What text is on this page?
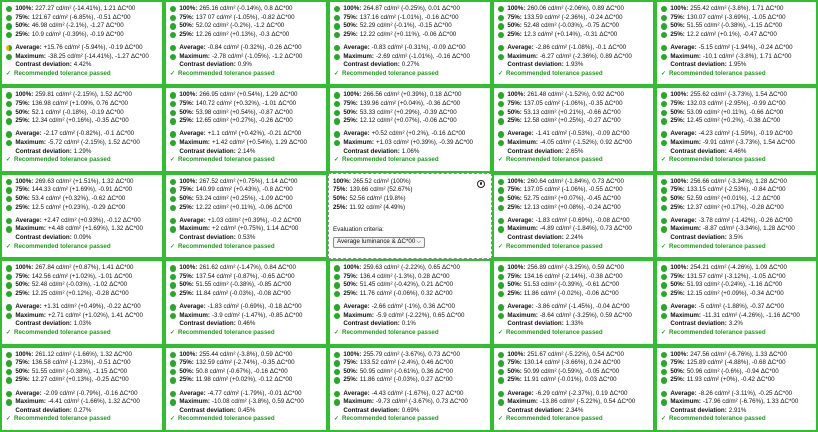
100%: 227.27 cd/m² (-14.41%), 1.21 ΔC*00
75%: 121.67 cd/m² (-6.85%), -0.51 ΔC*00
50%: 46.98 cd/m² (-2.1%), -1.27 ΔC*00
25%: 10.9 cd/m² (-0.39%), -0.19 ΔC*00
Average: +15.76 cd/m² (-5.94%), -0.19 ΔC*00
Maximum: -38.25 cd/m² (-14.41%), -1.27 ΔC*00
Contrast deviation: 4.42%
✓ Recommended tolerance passed
100%: 265.16 cd/m² (-0.14%), 0.8 ΔC*00
75%: 137 07 cd/m² (-1.05%), -0.82 ΔC*00
50%: 52.02 cd/m² (-0.2%), -1.2 ΔC*00
25%: 12.26 cd/m² (+0.13%), -0.3 ΔC*00
Average: -0.84 cd/m² (-0.32%), -0.26 ΔC*00
Maximum: -2.78 cd/m² (-1.05%), -1.2 ΔC*00
Contrast deviation: 0.9%
✓ Recommended tolerance passed
100%: 264.87 cd/m² (-0.25%), 0.01 ΔC*00
75%: 137.16 cd/m² (-1.01%), -0.16 ΔC*00
50%: 52.29 cd/m² (-0.1%), -0.15 ΔC*00
25%: 12.22 cd/m² (+0.11%), -0.06 ΔC*00
Average: -0.83 cd/m² (-0.31%), -0.09 ΔC*00
Maximum: -2.69 cd/m² (-1.01%), -0.16 ΔC*00
Contrast deviation: 0.27%
✓ Recommended tolerance passed
100%: 260.06 cd/m² (-2.06%), 0.89 ΔC*00
75%: 133.59 cd/m² (-2.36%), -0.24 ΔC*00
50%: 52.48 cd/m² (-0.03%), -0.75 ΔC*00
25%: 12.3 cd/m² (+0.14%), -0.31 ΔC*00
Average: -2.86 cd/m² (-1.08%), -0.1 ΔC*00
Maximum: -6.27 cd/m² (-2.36%), 0.89 ΔC*00
Contrast deviation: 1.93%
✓ Recommended tolerance passed
100%: 255.42 cd/m² (-3.8%), 1.71 ΔC*00
75%: 130.07 cd/m² (-3.69%), -1.05 ΔC*00
50%: 51.55 cd/m² (-0.38%), -1.15 ΔC*00
25%: 12.2 cd/m² (+0.1%), -0.47 ΔC*00
Average: -5.15 cd/m² (-1.94%), -0.24 ΔC*00
Maximum: -10.1 cd/m² (-3.8%), 1.71 ΔC*00
Contrast deviation: 1.95%
✓ Recommended tolerance passed
100%: 259.81 cd/m² (-2.15%), 1.52 ΔC*00
75%: 136.98 cd/m² (+1.09%, 0.76 ΔC*00
50%: 52.1 cd/m² (-0.18%), -0.19 ΔC*00
25%: 12.34 cd/m² (+0.16%), -0.35 ΔC*00
Average: -2.17 cd/m² (-0.82%), -0.1 ΔC*00
Maximum: -5.72 cd/m² (-2.15%), 1.52 ΔC*00
Contrast deviation: 1.29%
✓ Recommended tolerance passed
100%: 266.95 cd/m² (+0.54%), 1.29 ΔC*00
75%: 140.72 cd/m² (+0.32%), -1.01 ΔC*00
50%: 53.98 cd/m² (+0.54%), -0.87 ΔC*00
25%: 12.65 cd/m² (+0.27%), -0.26 ΔC*00
Average: +1.1 cd/m² (+0.42%), -0.21 ΔC*00
Maximum: +1.42 cd/m² (+0.54%), 1.29 ΔC*00
Contrast deviation: 2.14%
✓ Recommended tolerance passed
100%: 266.56 cd/m² (+0.39%), 0.18 ΔC*00
75%: 139.96 cd/m² (+0.04%), -0.36 ΔC*00
50%: 53.33 cd/m² (+0.29%), -0.39 ΔC*00
25%: 12.12 cd/m² (+0.07%), -0.06 ΔC*00
Average: +0.52 cd/m² (+0.2%), -0.16 ΔC*00
Maximum: +1.03 cd/m² (+0.39%), -0.39 ΔC*00
Contrast deviation: 1.06%
✓ Recommended tolerance passed
100%: 261.48 cd/m² (-1.52%), 0.92 ΔC*00
75%: 137.05 cd/m² (-1.06%), -0.35 ΔC*00
50%: 53.13 cd/m² (+0.21%), -0.66 ΔC*00
25%: 12.58 cd/m² (+0.25%), -0.27 ΔC*00
Average: -1.41 cd/m² (-0.53%), -0.09 ΔC*00
Maximum: -4.05 cd/m² (-1.52%), 0.92 ΔC*00
Contrast deviation: 2.65%
✓ Recommended tolerance passed
100%: 255.62 cd/m² (-3.73%), 1.54 ΔC*00
75%: 132.03 cd/m² (-2.95%), -0.99 ΔC*00
50%: 53.09 cd/m² (+0.11%), -0.66 ΔC*00
25%: 12.45 cd/m² (+0.2%), -0.38 ΔC*00
Average: -4.23 cd/m² (-1.59%), -0.19 ΔC*00
Maximum: -9.91 cd/m² (-3.73%), 1.54 ΔC*00
Contrast deviation: 4.46%
✓ Recommended tolerance passed
100%: 269.63 cd/m² (+1.51%), 1.32 ΔC*00
75%: 144.33 cd/m² (+1.69%), -0.91 ΔC*00
50%: 53.4 cd/m² (+0.32%), -0.62 ΔC*00
25%: 12.5 cd/m² (+0.23%), -0.29 ΔC*00
Average: +2.47 cd/m² (+0.93%), -0.12 ΔC*00
Maximum: +4.48 cd/m² (+1.69%), 1.32 ΔC*00
Contrast deviation: 0.09%
✓ Recommended tolerance passed
100%: 267.52 cd/m² (+0.75%), 1.14 ΔC*00
75%: 140.99 cd/m² (+0.43%), -0.8 ΔC*00
50%: 53.24 cd/m² (+0.25%), -1.09 ΔC*00
25%: 12.22 cd/m² (+0.11%), -0.06 ΔC*00
Average: +1.03 cd/m² (+0.39%), -0.2 ΔC*00
Maximum: +2 cd/m² (+0.75%), 1.14 ΔC*00
Contrast deviation: 0.53%
✓ Recommended tolerance passed
100%: 265.52 cd/m² (100%)
75%: 139.66 cd/m² (52.67%)
50%: 52.56 cd/m² (19.8%)
25%: 11.92 cd/m² (4.49%)
Evaluation criteria:
Average luminance & ΔC*00 ⌵
100%: 260.64 cd/m² (-1.84%), 0.73 ΔC*00
75%: 137.05 cd/m² (-1.06%), -0.55 ΔC*00
50%: 52.75 cd/m² (+0.07%), -0.45 ΔC*00
25%: 12.13 cd/m² (+0.08%), -0.24 ΔC*00
Average: -1.83 cd/m² (-0.69%), -0.08 ΔC*00
Maximum: -4.89 cd/m² (-1.84%), 0.73 ΔC*00
Contrast deviation: 2.24%
✓ Recommended tolerance passed
100%: 256.66 cd/m² (-3.34%), 1.28 ΔC*00
75%: 133.15 cd/m² (-2.53%), -0.84 ΔC*00
50%: 52.59 cd/m² (+0.01%), -1.2 ΔC*00
25%: 12.37 cd/m² (+0.17%), -0.28 ΔC*00
Average: -3.78 cd/m² (-1.42%), -0.26 ΔC*00
Maximum: -8.87 cd/m² (-3.34%), 1.28 ΔC*00
Contrast deviation: 3.5%
✓ Recommended tolerance passed
100%: 267.84 cd/m² (+0.87%), 1.41 ΔC*00
75%: 142.56 cd/m² (+1.02%), -1.01 ΔC*00
50%: 52.48 cd/m² (-0.03%), -1.02 ΔC*00
25%: 12.25 cd/m² (+0.12%), -0.28 ΔC*00
Average: +1.31 cd/m² (+0.49%), -0.22 ΔC*00
Maximum: +2.71 cd/m² (+1.02%), 1.41 ΔC*00
Contrast deviation: 1.03%
✓ Recommended tolerance passed
100%: 261.62 cd/m² (-1.47%), 0.84 ΔC*00
75%: 137.54 cd/m² (-0.87%), -0.65 ΔC*00
50%: 51.55 cd/m² (-0.38%), -0.85 ΔC*00
25%: 11.84 cd/m² (-0.03%), -0.08 ΔC*00
Average: -1.83 cd/m² (-0.69%), -0.18 ΔC*00
Maximum: -3.9 cd/m² (-1.47%), -0.85 ΔC*00
Contrast deviation: 0.46%
✓ Recommended tolerance passed
100%: 259.63 cd/m² (-2.22%), 0.65 ΔC*00
75%: 136.4 cd/m² (-1.3%), 0.28 ΔC*00
50%: 51.45 cd/m² (-0.42%), 0.21 ΔC*00
25%: 11.76 cd/m² (-0.06%), 0.32 ΔC*00
Average: -2.66 cd/m² (-1%), 0.36 ΔC*00
Maximum: -5.9 cd/m² (-2.22%), 0.65 ΔC*00
Contrast deviation: 0.1%
✓ Recommended tolerance passed
100%: 256.89 cd/m² (-3.25%), 0.59 ΔC*00
75%: 134.16 cd/m² (-2.14%), -0.38 ΔC*00
50%: 51.53 cd/m² (-0.39%), -0.61 ΔC*00
25%: 11.86 cd/m² (-0.02%), -0.06 ΔC*00
Average: -3.86 cd/m² (-1.45%), -0.04 ΔC*00
Maximum: -8.64 cd/m² (-3.25%), 0.59 ΔC*00
Contrast deviation: 1.33%
✓ Recommended tolerance passed
100%: 254.21 cd/m² (-4.26%), 1.09 ΔC*00
75%: 131.57 cd/m² (-3.12%), -1.05 ΔC*00
50%: 51.93 cd/m² (-0.24%), -1.16 ΔC*00
25%: 12.15 cd/m² (+0.09%), -0.34 ΔC*00
Average: -5 cd/m² (-1.88%), -0.37 ΔC*00
Maximum: -11.31 cd/m² (-4.26%), -1.16 ΔC*00
Contrast deviation: 3.2%
✓ Recommended tolerance passed
100%: 261.12 cd/m² (-1.66%), 1.32 ΔC*00
75%: 136.58 cd/m² (-1.23%), -0.51 ΔC*00
50%: 51.55 cd/m² (-0.38%), -1.15 ΔC*00
25%: 12.27 cd/m² (+0.13%), -0.25 ΔC*00
Average: -2.09 cd/m² (-0.79%), -0.16 ΔC*00
Maximum: -4.41 cd/m² (-1.66%), 1.32 ΔC*00
Contrast deviation: 0.27%
✓ Recommended tolerance passed
100%: 255.44 cd/m² (-3.8%), 0.59 ΔC*00
75%: 132.59 cd/m² (-2.74%), -0.35 ΔC*00
50%: 50.8 cd/m² (-0.67%), -0.16 ΔC*00
25%: 11.98 cd/m² (+0.02%), -0.12 ΔC*00
Average: -4.77 cd/m² (-1.79%), -0.01 ΔC*00
Maximum: -10.08 cd/m² (-3.8%), 0.59 ΔC*00
Contrast deviation: 0.45%
✓ Recommended tolerance passed
100%: 255.79 cd/m² (-3.67%), 0.73 ΔC*00
75%: 133.52 cd/m² (-2.4%), 0.46 ΔC*00
50%: 50.95 cd/m² (-0.61%), 0.36 ΔC*00
25%: 11.86 cd/m² (-0.03%), 0.27 ΔC*00
Average: -4.43 cd/m² (-1.67%), 0.27 ΔC*00
Maximum: -9.73 cd/m² (-3.67%), 0.73 ΔC*00
Contrast deviation: 0.69%
✓ Recommended tolerance passed
100%: 251.67 cd/m² (-5.22%), 0.54 ΔC*00
75%: 130.14 cd/m² (-3.66%), 0.24 ΔC*00
50%: 50.99 cd/m² (-0.59%), -0.05 ΔC*00
25%: 11.91 cd/m² (-0.01%), 0.03 ΔC*00
Average: -6.29 cd/m² (-2.37%), 0.19 ΔC*00
Maximum: -13.86 cd/m² (-5.22%), 0.54 ΔC*00
Contrast deviation: 2.34%
✓ Recommended tolerance passed
100%: 247.56 cd/m² (-6.76%), 1.33 ΔC*00
75%: 125.89 cd/m² (-4.88%), -0.68 ΔC*00
50%: 50.96 cd/m² (-0.6%), -0.94 ΔC*00
25%: 11.93 cd/m² (+0%), -0.42 ΔC*00
Average: -8.26 cd/m² (-3.11%), -0.25 ΔC*00
Maximum: -17.96 cd/m² (-6.76%), 1.33 ΔC*00
Contrast deviation: 2.91%
✓ Recommended tolerance passed
